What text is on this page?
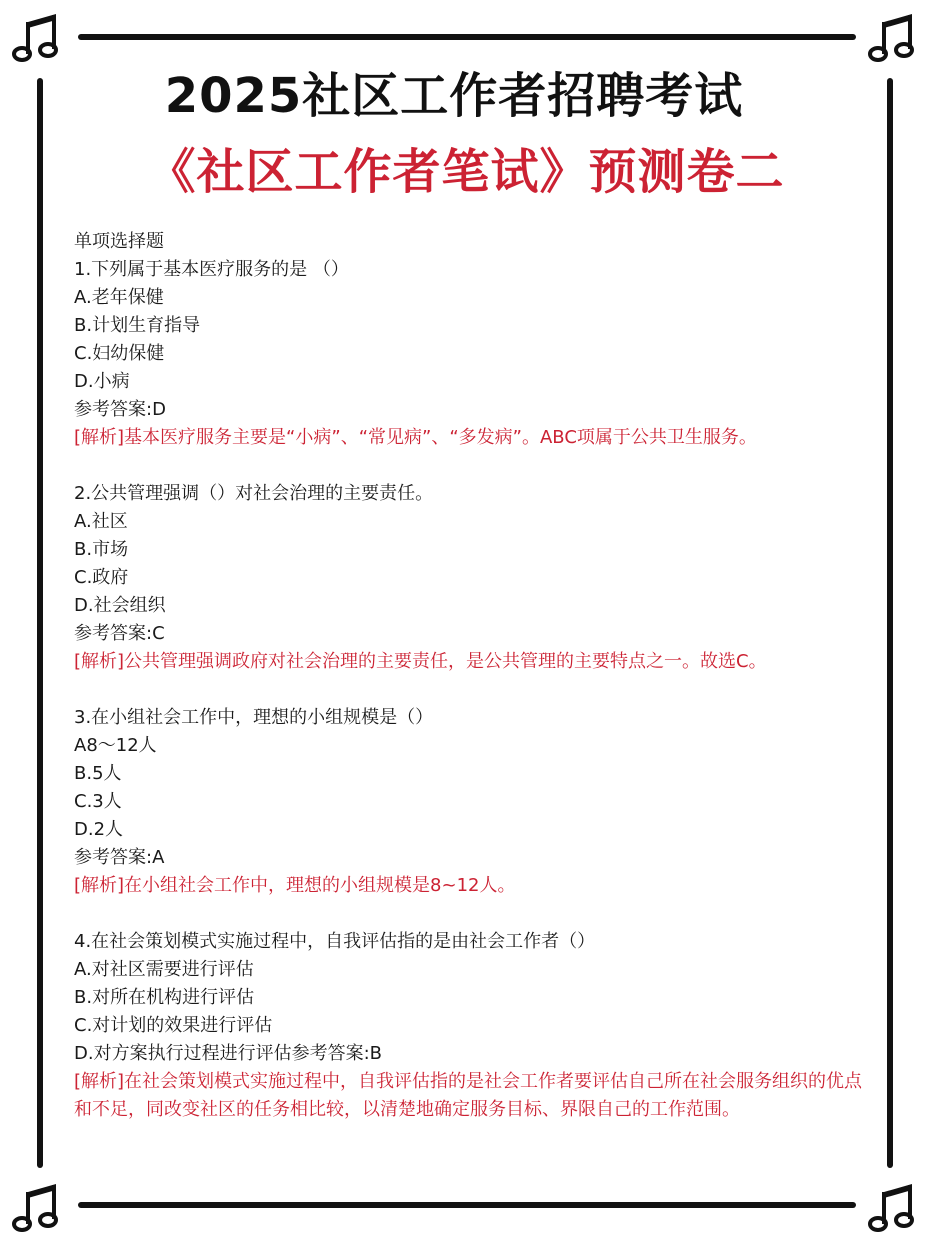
2025社区工作者招聘考试
《社区工作者笔试》预测卷二
单项选择题
1.下列属于基本医疗服务的是 （）
A.老年保健
B.计划生育指导
C.妇幼保健
D.小病
参考答案:D
[解析]基本医疗服务主要是“小病”、“常见病”、“多发病”。ABC项属于公共卫生服务。
2.公共管理强调（）对社会治理的主要责任。
A.社区
B.市场
C.政府
D.社会组织
参考答案:C
[解析]公共管理强调政府对社会治理的主要责任，是公共管理的主要特点之一。故选C。
3.在小组社会工作中，理想的小组规模是（）
A8～12人
B.5人
C.3人
D.2人
参考答案:A
[解析]在小组社会工作中，理想的小组规模是8~12人。
4.在社会策划模式实施过程中，自我评估指的是由社会工作者（）
A.对社区需要进行评估
B.对所在机构进行评估
C.对计划的效果进行评估
D.对方案执行过程进行评估参考答案:B
[解析]在社会策划模式实施过程中，自我评估指的是社会工作者要评估自己所在社会服务组织的优点和不足，同改变社区的任务相比较，以清楚地确定服务目标、界限自己的工作范围。
